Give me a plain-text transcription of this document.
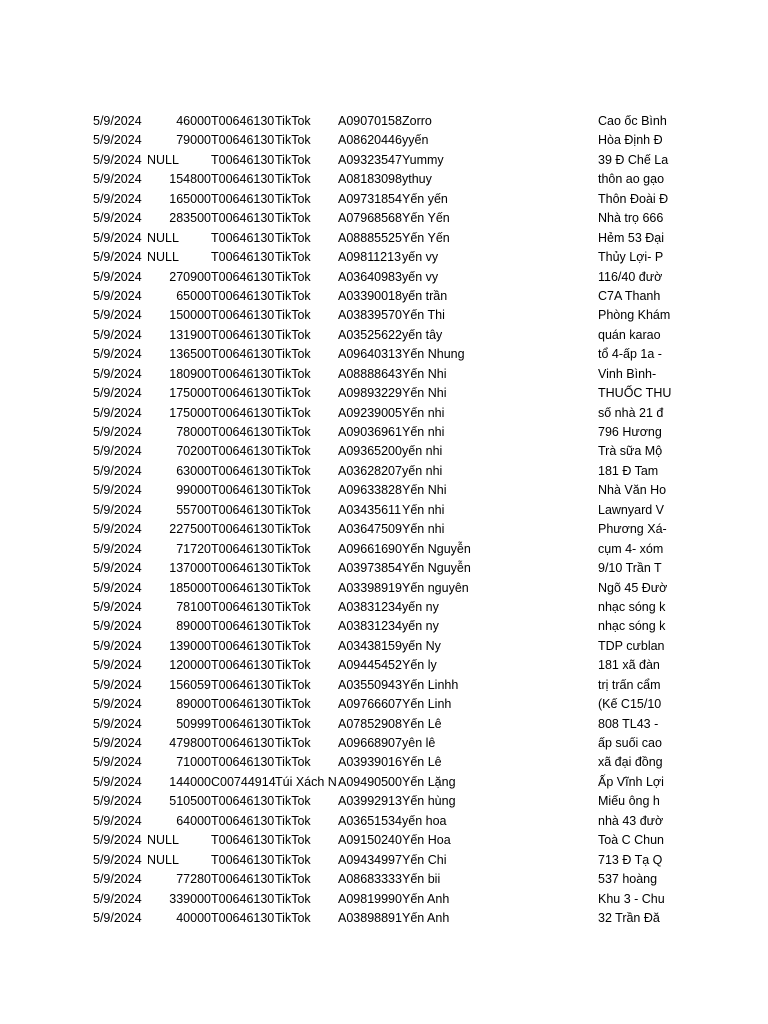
5/9/2024	46000 T00646130 TikTok	A09070158 Zorro	Cao ốc Bình
5/9/2024	79000 T00646130 TikTok	A08620446 yyến	Hòa Định Đ
5/9/2024 NULL	T00646130 TikTok	A09323547 Yummy	39 Đ Chế La
5/9/2024	154800 T00646130 TikTok	A08183098 ythuy	thôn ao gạo
5/9/2024	165000 T00646130 TikTok	A09731854 Yến yến	Thôn Đoài Đ
5/9/2024	283500 T00646130 TikTok	A07968568 Yến Yến	Nhà trọ 666
5/9/2024 NULL	T00646130 TikTok	A08885525 Yến Yến	Hẻm 53 Đại
5/9/2024 NULL	T00646130 TikTok	A09811213 yến vy	Thủy Lợi- P
5/9/2024	270900 T00646130 TikTok	A03640983 yến vy	116/40 đườ
5/9/2024	65000 T00646130 TikTok	A03390018 yến trần	C7A Thanh
5/9/2024	150000 T00646130 TikTok	A03839570 Yến Thi	Phòng Khám
5/9/2024	131900 T00646130 TikTok	A03525622 yến tây	quán karao
5/9/2024	136500 T00646130 TikTok	A09640313 Yến Nhung	tổ 4-ấp 1a -
5/9/2024	180900 T00646130 TikTok	A08888643 Yến Nhi	Vinh Bình-
5/9/2024	175000 T00646130 TikTok	A09893229 Yến Nhi	THUỐC THU
5/9/2024	175000 T00646130 TikTok	A09239005 Yến nhi	số nhà 21 đ
5/9/2024	78000 T00646130 TikTok	A09036961 Yến nhi	796 Hương
5/9/2024	70200 T00646130 TikTok	A09365200 yến nhi	Trà sữa Mộ
5/9/2024	63000 T00646130 TikTok	A03628207 yến nhi	181 Đ Tam
5/9/2024	99000 T00646130 TikTok	A09633828 Yến Nhi	Nhà Văn Ho
5/9/2024	55700 T00646130 TikTok	A03435611 Yến nhi	Lawnyard V
5/9/2024	227500 T00646130 TikTok	A03647509 Yến nhi	Phương Xá-
5/9/2024	71720 T00646130 TikTok	A09661690 Yến Nguyễn	cụm 4- xóm
5/9/2024	137000 T00646130 TikTok	A03973854 Yến Nguyễn	9/10 Trần T
5/9/2024	185000 T00646130 TikTok	A03398919 Yến nguyên	Ngõ 45 Đườ
5/9/2024	78100 T00646130 TikTok	A03831234 yến ny	nhạc sóng k
5/9/2024	89000 T00646130 TikTok	A03831234 yến ny	nhạc sóng k
5/9/2024	139000 T00646130 TikTok	A03438159 yến Ny	TDP cưblan
5/9/2024	120000 T00646130 TikTok	A09445452 Yến ly	181 xã đàn
5/9/2024	156059 T00646130 TikTok	A03550943 Yến Linhh	trị trấn cẩm
5/9/2024	89000 T00646130 TikTok	A09766607 Yến Linh	(Kế C15/10
5/9/2024	50999 T00646130 TikTok	A07852908 Yến Lê	808 TL43 -
5/9/2024	479800 T00646130 TikTok	A09668907 yên lê	ấp suối cao
5/9/2024	71000 T00646130 TikTok	A03939016 Yến Lê	xã đại đồng
5/9/2024	144000 C00744914 Túi Xách N A09490500 Yến Lặng	Ấp Vĩnh Lợi
5/9/2024	510500 T00646130 TikTok	A03992913 Yến hùng	Miếu ông h
5/9/2024	64000 T00646130 TikTok	A03651534 yến hoa	nhà 43 đườ
5/9/2024 NULL	T00646130 TikTok	A09150240 Yến Hoa	Toà C Chun
5/9/2024 NULL	T00646130 TikTok	A09434997 Yến Chi	713 Đ Tạ Q
5/9/2024	77280 T00646130 TikTok	A08683333 Yến bii	537 hoàng
5/9/2024	339000 T00646130 TikTok	A09819990 Yến Anh	Khu 3 - Chu
5/9/2024	40000 T00646130 TikTok	A03898891 Yến Anh	32 Trần Đă
